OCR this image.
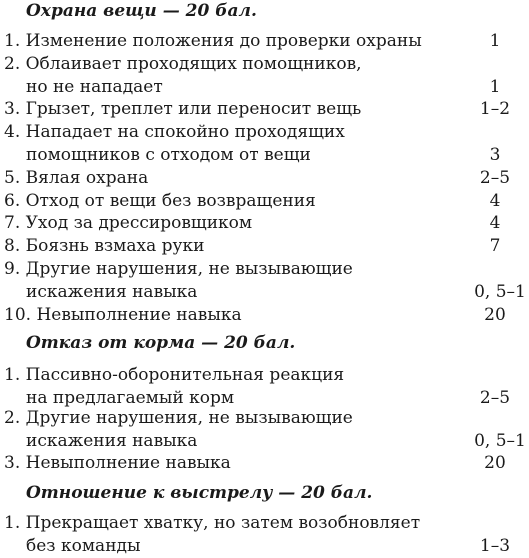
Охрана вещи — 20 бал.
1. Изменение положения до проверки охраны	1
2. Облаивает проходящих помощников,
но не нападает	1
3. Грызет, треплет или переносит вещь	1–2
4. Нападает на спокойно проходящих
помощников с отходом от вещи	3
5. Вялая охрана	2–5
6. Отход от вещи без возвращения	4
7. Уход за дрессировщиком	4
8. Боязнь взмаха руки	7
9. Другие нарушения, не вызывающие
искажения навыка	0, 5–1
10. Невыполнение навыка	20
Отказ от корма — 20 бал.
1. Пассивно-оборонительная реакция
на предлагаемый корм	2–5
2. Другие нарушения, не вызывающие
искажения навыка	0, 5–1
3. Невыполнение навыка	20
Отношение к выстрелу — 20 бал.
1. Прекращает хватку, но затем возобновляет
без команды	1–3
